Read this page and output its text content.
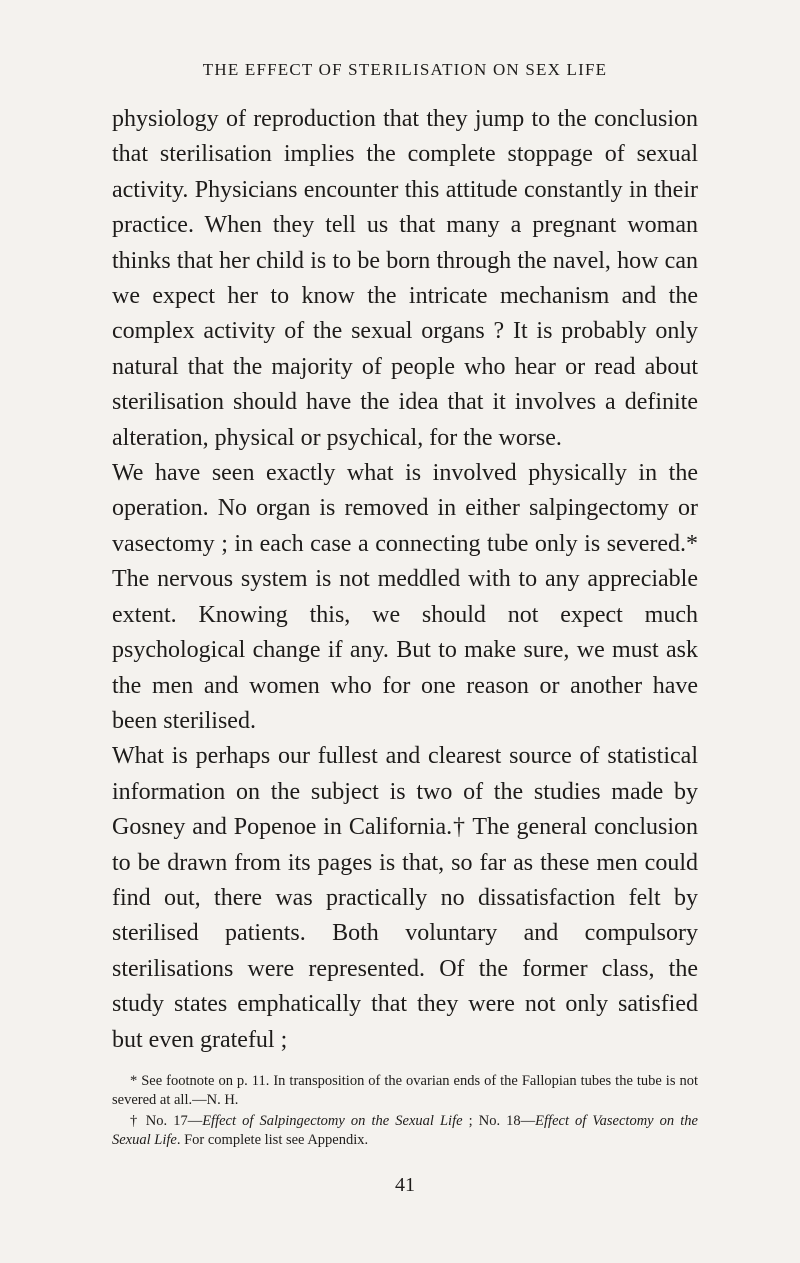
THE EFFECT OF STERILISATION ON SEX LIFE

physiology of reproduction that they jump to the conclusion that sterilisation implies the complete stoppage of sexual activity. Physicians encounter this attitude constantly in their practice. When they tell us that many a pregnant woman thinks that her child is to be born through the navel, how can we expect her to know the intricate mechanism and the complex activity of the sexual organs ? It is probably only natural that the majority of people who hear or read about sterilisation should have the idea that it involves a definite alteration, physical or psychical, for the worse.

We have seen exactly what is involved physically in the operation. No organ is removed in either salpingectomy or vasectomy ; in each case a connecting tube only is severed.* The nervous system is not meddled with to any appreciable extent. Knowing this, we should not expect much psychological change if any. But to make sure, we must ask the men and women who for one reason or another have been sterilised.

What is perhaps our fullest and clearest source of statistical information on the subject is two of the studies made by Gosney and Popenoe in California.† The general conclusion to be drawn from its pages is that, so far as these men could find out, there was practically no dissatisfaction felt by sterilised patients. Both voluntary and compulsory sterilisations were represented. Of the former class, the study states emphatically that they were not only satisfied but even grateful ;

* See footnote on p. 11. In transposition of the ovarian ends of the Fallopian tubes the tube is not severed at all.—N. H.

† No. 17—Effect of Salpingectomy on the Sexual Life ; No. 18—Effect of Vasectomy on the Sexual Life. For complete list see Appendix.

41
